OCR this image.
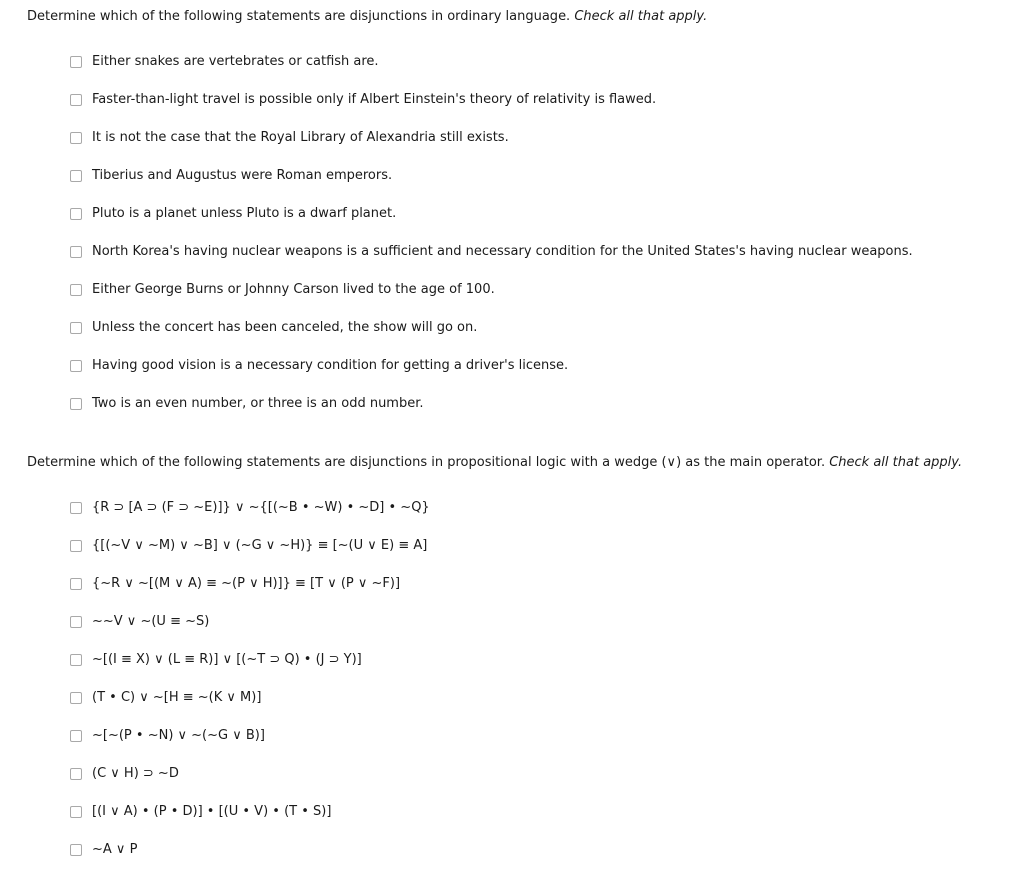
Determine which of the following statements are disjunctions in ordinary language. Check all that apply.
Either snakes are vertebrates or catfish are.
Faster-than-light travel is possible only if Albert Einstein's theory of relativity is flawed.
It is not the case that the Royal Library of Alexandria still exists.
Tiberius and Augustus were Roman emperors.
Pluto is a planet unless Pluto is a dwarf planet.
North Korea's having nuclear weapons is a sufficient and necessary condition for the United States's having nuclear weapons.
Either George Burns or Johnny Carson lived to the age of 100.
Unless the concert has been canceled, the show will go on.
Having good vision is a necessary condition for getting a driver's license.
Two is an even number, or three is an odd number.
Determine which of the following statements are disjunctions in propositional logic with a wedge (∨) as the main operator. Check all that apply.
{R ⊃ [A ⊃ (F ⊃ ~E)]} ∨ ~{[(~B • ~W) • ~D] • ~Q}
{[(~V ∨ ~M) ∨ ~B] ∨ (~G ∨ ~H)} ≡ [~(U ∨ E) ≡ A]
{~R ∨ ~[(M ∨ A) ≡ ~(P ∨ H)]} ≡ [T ∨ (P ∨ ~F)]
~~V ∨ ~(U ≡ ~S)
~[(I ≡ X) ∨ (L ≡ R)] ∨ [(~T ⊃ Q) • (J ⊃ Y)]
(T • C) ∨ ~[H ≡ ~(K ∨ M)]
~[~(P • ~N) ∨ ~(~G ∨ B)]
(C ∨ H) ⊃ ~D
[(I ∨ A) • (P • D)] • [(U • V) • (T • S)]
~A ∨ P
